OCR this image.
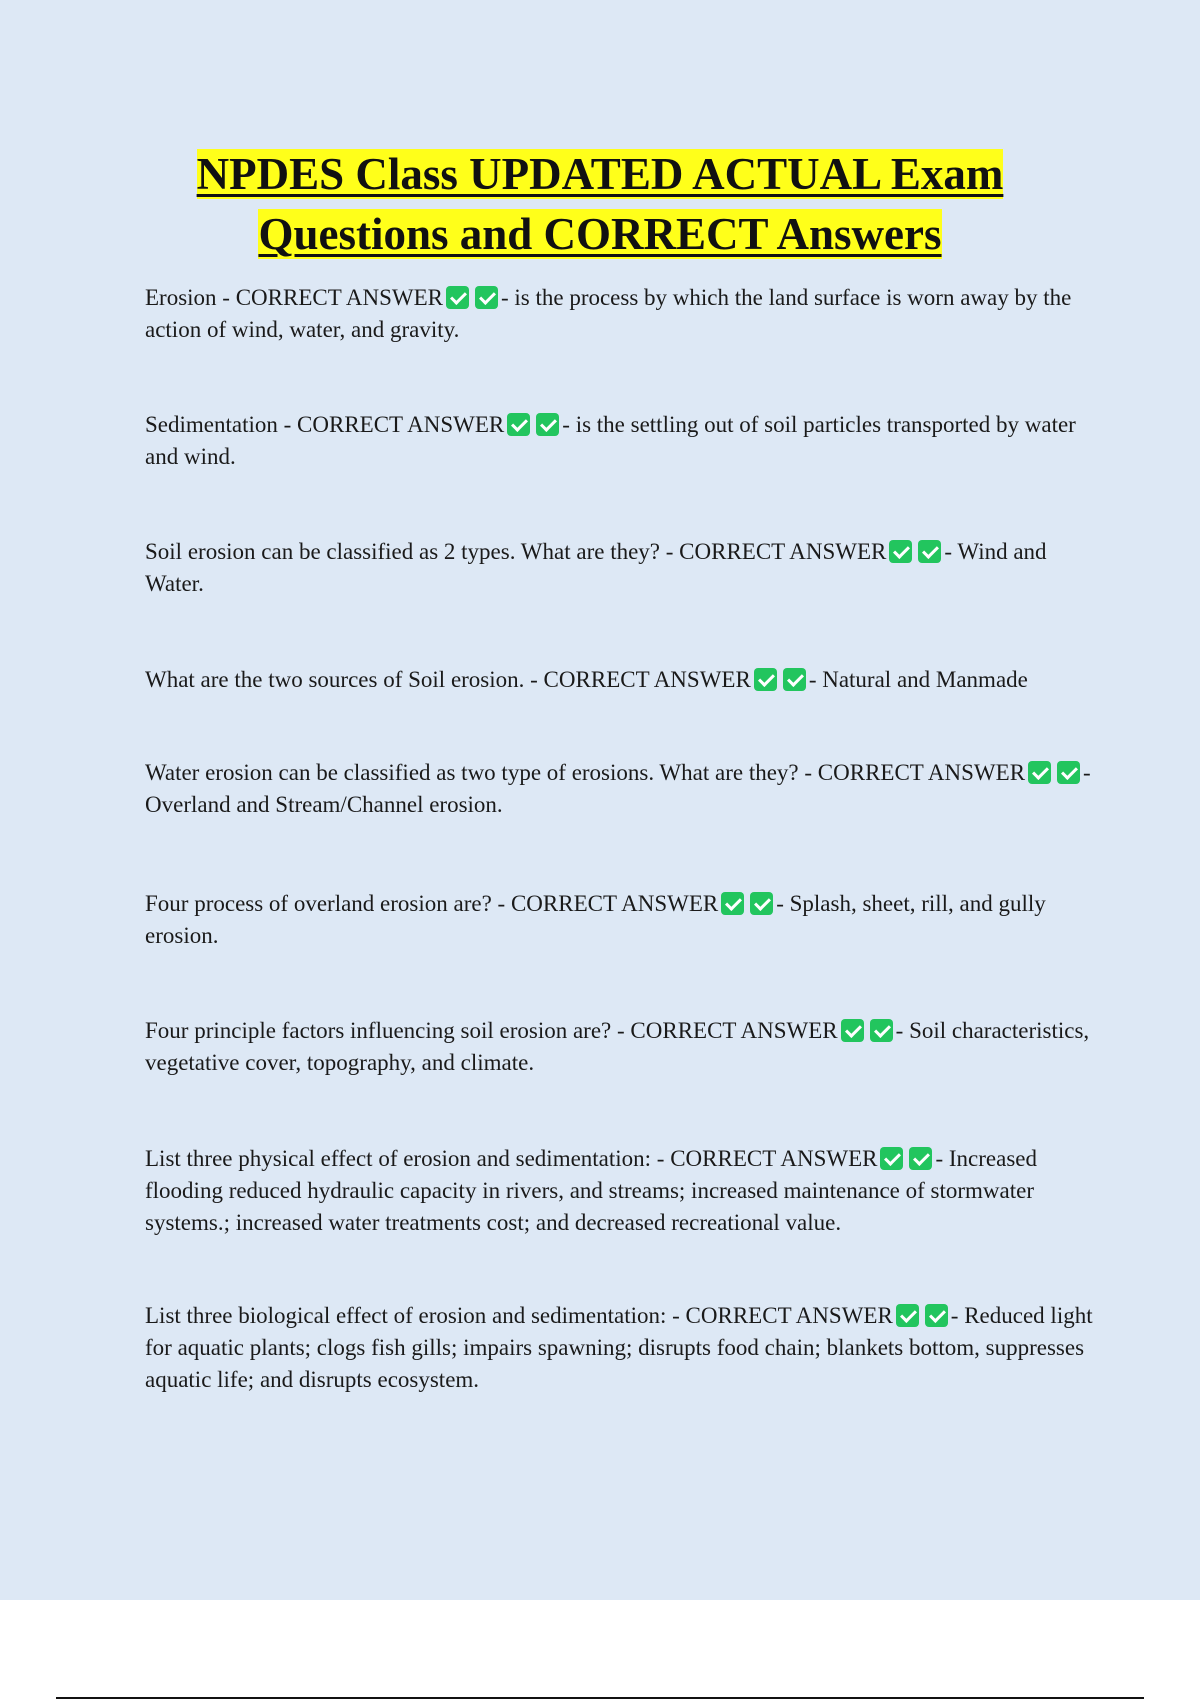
NPDES Class UPDATED ACTUAL Exam
Questions and CORRECT Answers

Erosion - CORRECT ANSWER	- is the process by which the land surface is worn away by the action of wind, water, and gravity.

Sedimentation - CORRECT ANSWER	- is the settling out of soil particles transported by water and wind.

Soil erosion can be classified as 2 types. What are they? - CORRECT ANSWER	- Wind and Water.

What are the two sources of Soil erosion. - CORRECT ANSWER	- Natural and Manmade

Water erosion can be classified as two type of erosions. What are they? - CORRECT ANSWER	- Overland and Stream/Channel erosion.

Four process of overland erosion are? - CORRECT ANSWER	- Splash, sheet, rill, and gully erosion.

Four principle factors influencing soil erosion are? - CORRECT ANSWER	- Soil characteristics, vegetative cover, topography, and climate.

List three physical effect of erosion and sedimentation: - CORRECT ANSWER	- Increased flooding reduced hydraulic capacity in rivers, and streams; increased maintenance of stormwater systems.; increased water treatments cost; and decreased recreational value.

List three biological effect of erosion and sedimentation: - CORRECT ANSWER	- Reduced light for aquatic plants; clogs fish gills; impairs spawning; disrupts food chain; blankets bottom, suppresses aquatic life; and disrupts ecosystem.
